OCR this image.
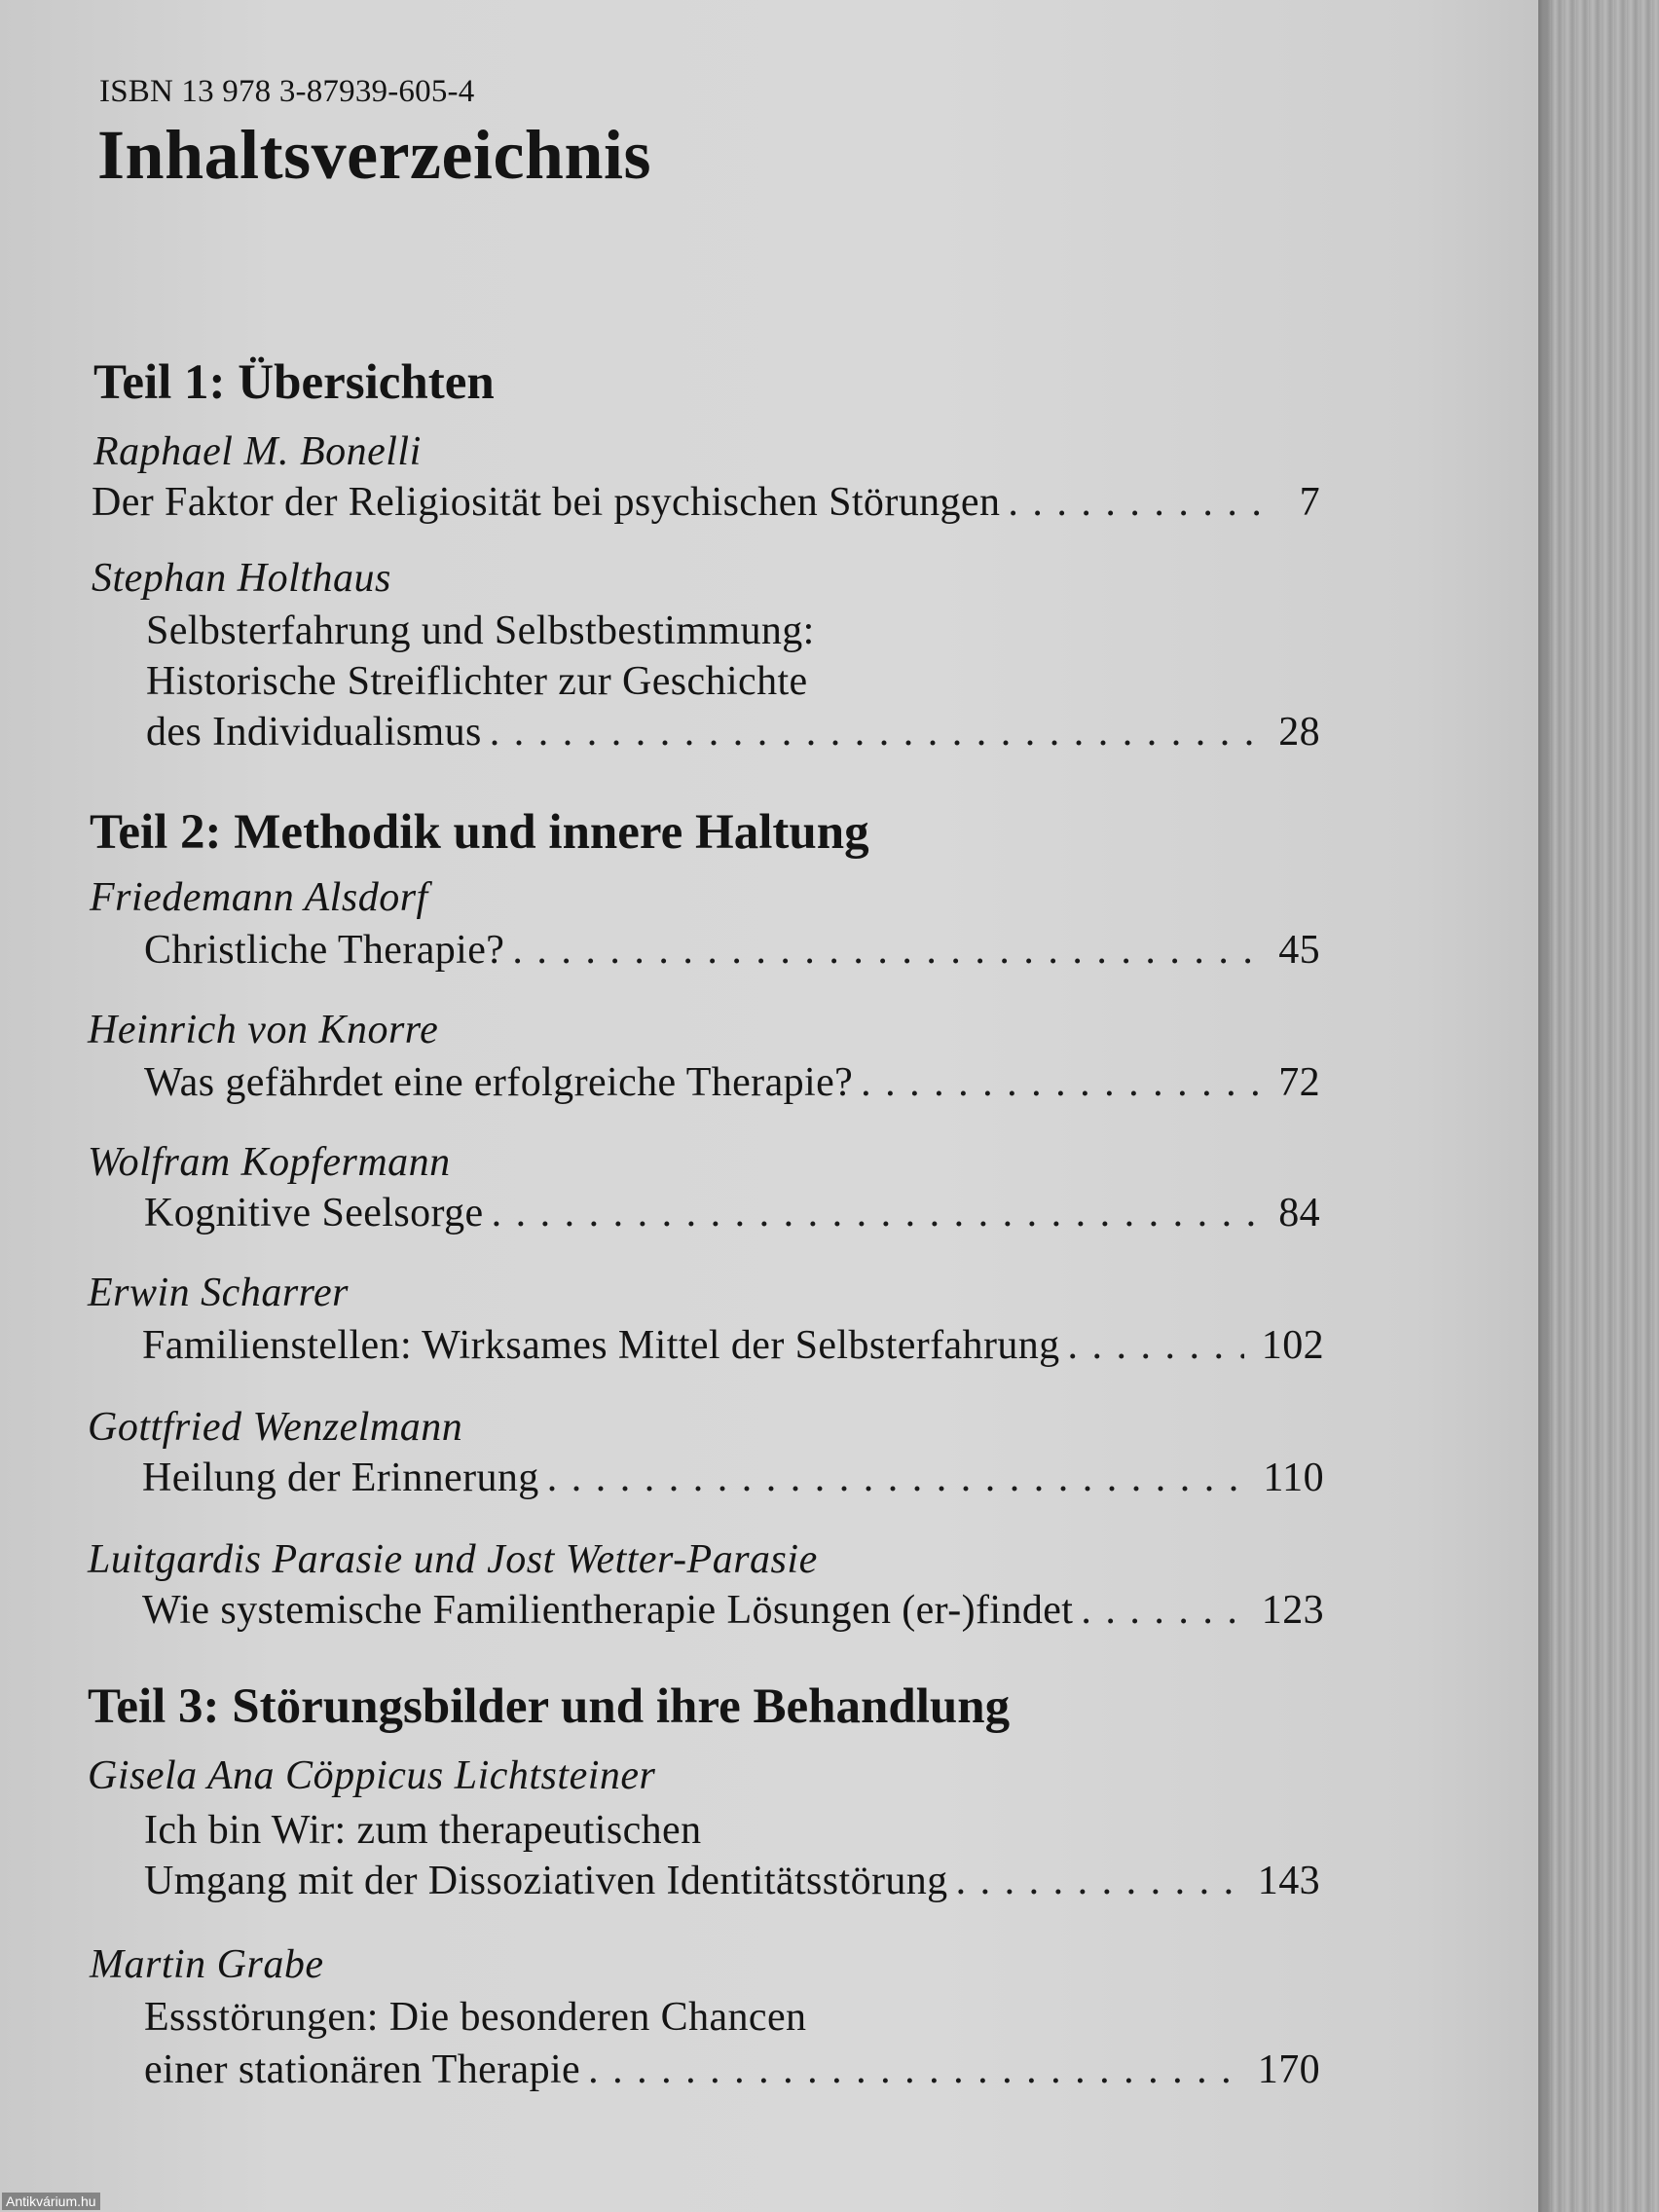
ISBN 13 978 3-87939-605-4
Inhaltsverzeichnis
Teil 1: Übersichten
Raphael M. Bonelli
Der Faktor der Religiosität bei psychischen Störungen . . .	7
Stephan Holthaus
Selbsterfahrung und Selbstbestimmung:
Historische Streiflichter zur Geschichte
des Individualismus . . .	28
Teil 2: Methodik und innere Haltung
Friedemann Alsdorf
Christliche Therapie? . . .	45
Heinrich von Knorre
Was gefährdet eine erfolgreiche Therapie? . . .	72
Wolfram Kopfermann
Kognitive Seelsorge . . .	84
Erwin Scharrer
Familienstellen: Wirksames Mittel der Selbsterfahrung . . .	102
Gottfried Wenzelmann
Heilung der Erinnerung . . .	110
Luitgardis Parasie und Jost Wetter-Parasie
Wie systemische Familientherapie Lösungen (er-)findet . . .	123
Teil 3: Störungsbilder und ihre Behandlung
Gisela Ana Cöppicus Lichtsteiner
Ich bin Wir: zum therapeutischen
Umgang mit der Dissoziativen Identitätsstörung . . .	143
Martin Grabe
Essstörungen: Die besonderen Chancen
einer stationären Therapie . . .	170
Antikvárium.hu
